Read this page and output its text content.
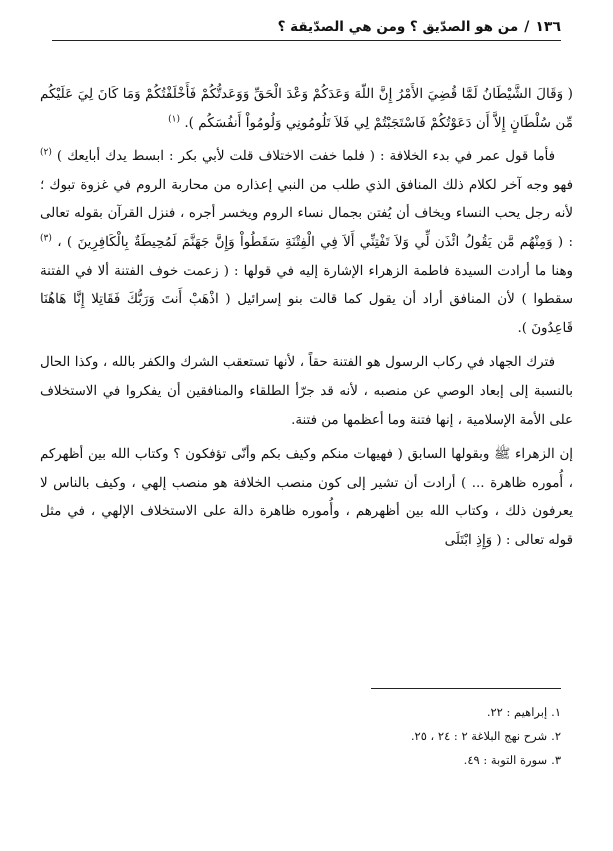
١٣٦
/
من هو الصدّيق ؟ ومن هي الصدّيقة ؟

( وَقَالَ الشَّيْطَانُ لَمَّا قُضِيَ الأَمْرُ إِنَّ اللّهَ وَعَدَكُمْ وَعْدَ الْحَقِّ وَوَعَدتُّكُمْ فَأَخْلَفْتُكُمْ وَمَا كَانَ لِيَ عَلَيْكُم مِّن سُلْطَانٍ إِلاَّ أَن دَعَوْتُكُمْ فَاسْتَجَبْتُمْ لِي فَلاَ تَلُومُونِي وَلُومُواْ أَنفُسَكُم ). $^{(١)}$

فأما قول عمر في بدء الخلافة : ( فلما خفت الاختلاف قلت لأبي بكر : ابسط يدك أبايعك ) $^{(٢)}$ فهو وجه آخر لكلام ذلك المنافق الذي طلب من النبي إعذاره من محاربة الروم في غزوة تبوك ؛ لأنه رجل يحب النساء ويخاف أن يُفتن بجمال نساء الروم ويخسر أجره ، فنزل القرآن بقوله تعالى : ( وَمِنْهُم مَّن يَقُولُ ائْذَن لِّي وَلاَ تَفْتِنِّي أَلاَ فِي الْفِتْنَةِ سَقَطُواْ وَإِنَّ جَهَنَّمَ لَمُحِيطَةٌ بِالْكَافِرِينَ ) ، $^{(٣)}$ وهنا ما أرادت السيدة فاطمة الزهراء الإشارة إليه في قولها : ( زعمت خوف الفتنة ألا في الفتنة سقطوا ) لأن المنافق أراد أن يقول كما قالت بنو إسرائيل ( اذْهَبْ أَنتَ وَرَبُّكَ فَقَاتِلا إِنَّا هَاهُنَا قَاعِدُونَ ).

فترك الجهاد في ركاب الرسول هو الفتنة حقاً ، لأنها تستعقب الشرك والكفر بالله ، وكذا الحال بالنسبة إلى إبعاد الوصي عن منصبه ، لأنه قد جرّأ الطلقاء والمنافقين أن يفكروا في الاستخلاف على الأمة الإسلامية ، إنها فتنة وما أعظمها من فتنة.

إن الزهراء ﷺ وبقولها السابق ( فهيهات منكم وكيف بكم وأنّى تؤفكون ؟ وكتاب الله بين أظهركم ، أُموره ظاهرة ... ) أرادت أن تشير إلى كون منصب الخلافة هو منصب إلهي ، وكيف بالناس لا يعرفون ذلك ، وكتاب الله بين أظهرهم ، وأُموره ظاهرة دالة على الاستخلاف الإلهي ، في مثل قوله تعالى : ( وَإِذِ ابْتَلَى

١.إبراهيم : ٢٢.

٢.شرح نهج البلاغة ٢ : ٢٤ ، ٢٥.

٣.سورة التوبة : ٤٩.
